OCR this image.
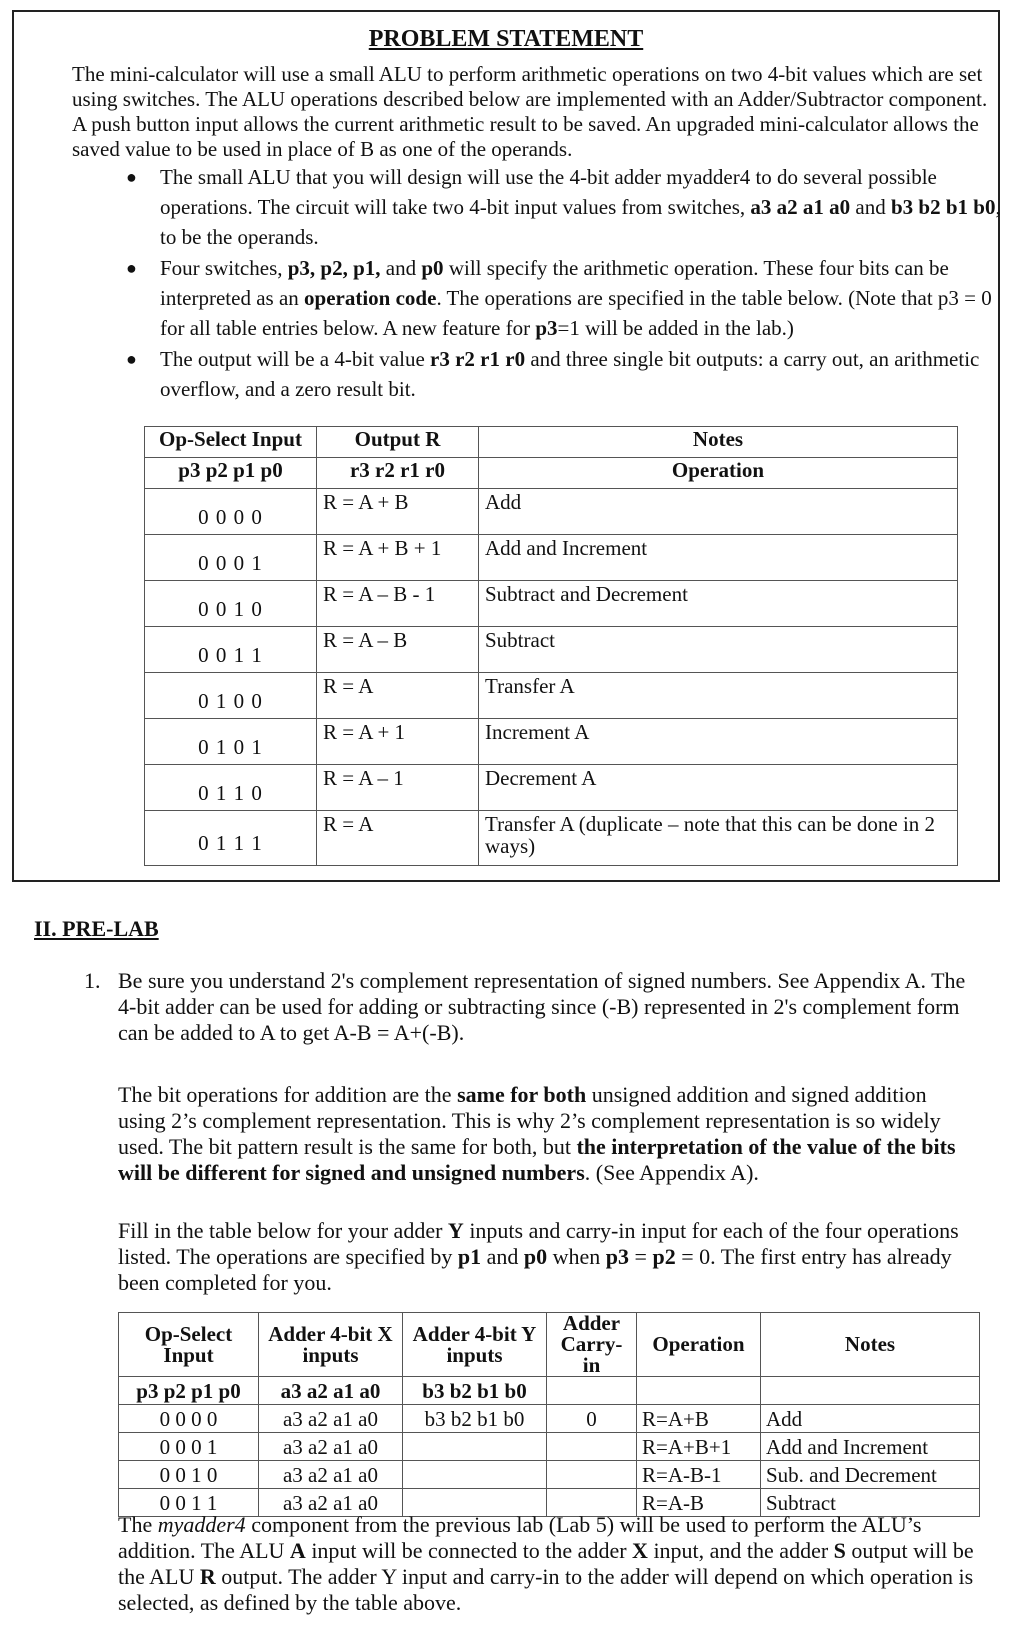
PROBLEM STATEMENT
The mini-calculator will use a small ALU to perform arithmetic operations on two 4-bit values which are set using switches. The ALU operations described below are implemented with an Adder/Subtractor component. A push button input allows the current arithmetic result to be saved. An upgraded mini-calculator allows the saved value to be used in place of B as one of the operands.
● The small ALU that you will design will use the 4-bit adder myadder4 to do several possible operations. The circuit will take two 4-bit input values from switches, a3 a2 a1 a0 and b3 b2 b1 b0, to be the operands.
● Four switches, p3, p2, p1, and p0 will specify the arithmetic operation. These four bits can be interpreted as an operation code. The operations are specified in the table below. (Note that p3 = 0 for all table entries below. A new feature for p3=1 will be added in the lab.)
● The output will be a 4-bit value r3 r2 r1 r0 and three single bit outputs: a carry out, an arithmetic overflow, and a zero result bit.
Op-Select Input	Output R	Notes
p3 p2 p1 p0	r3 r2 r1 r0	Operation
0 0 0 0	R = A + B	Add
0 0 0 1	R = A + B + 1	Add and Increment
0 0 1 0	R = A – B - 1	Subtract and Decrement
0 0 1 1	R = A – B	Subtract
0 1 0 0	R = A	Transfer A
0 1 0 1	R = A + 1	Increment A
0 1 1 0	R = A – 1	Decrement A
0 1 1 1	R = A	Transfer A (duplicate – note that this can be done in 2 ways)
II. PRE-LAB
1. Be sure you understand 2's complement representation of signed numbers. See Appendix A. The 4-bit adder can be used for adding or subtracting since (-B) represented in 2's complement form can be added to A to get A-B = A+(-B).
The bit operations for addition are the same for both unsigned addition and signed addition using 2’s complement representation. This is why 2’s complement representation is so widely used. The bit pattern result is the same for both, but the interpretation of the value of the bits will be different for signed and unsigned numbers. (See Appendix A).
Fill in the table below for your adder Y inputs and carry-in input for each of the four operations listed. The operations are specified by p1 and p0 when p3 = p2 = 0. The first entry has already been completed for you.
Op-Select Input	Adder 4-bit X inputs	Adder 4-bit Y inputs	Adder Carry-in	Operation	Notes
p3 p2 p1 p0	a3 a2 a1 a0	b3 b2 b1 b0			
0 0 0 0	a3 a2 a1 a0	b3 b2 b1 b0	0	R=A+B	Add
0 0 0 1	a3 a2 a1 a0			R=A+B+1	Add and Increment
0 0 1 0	a3 a2 a1 a0			R=A-B-1	Sub. and Decrement
0 0 1 1	a3 a2 a1 a0			R=A-B	Subtract
The myadder4 component from the previous lab (Lab 5) will be used to perform the ALU’s addition. The ALU A input will be connected to the adder X input, and the adder S output will be the ALU R output. The adder Y input and carry-in to the adder will depend on which operation is selected, as defined by the table above.
